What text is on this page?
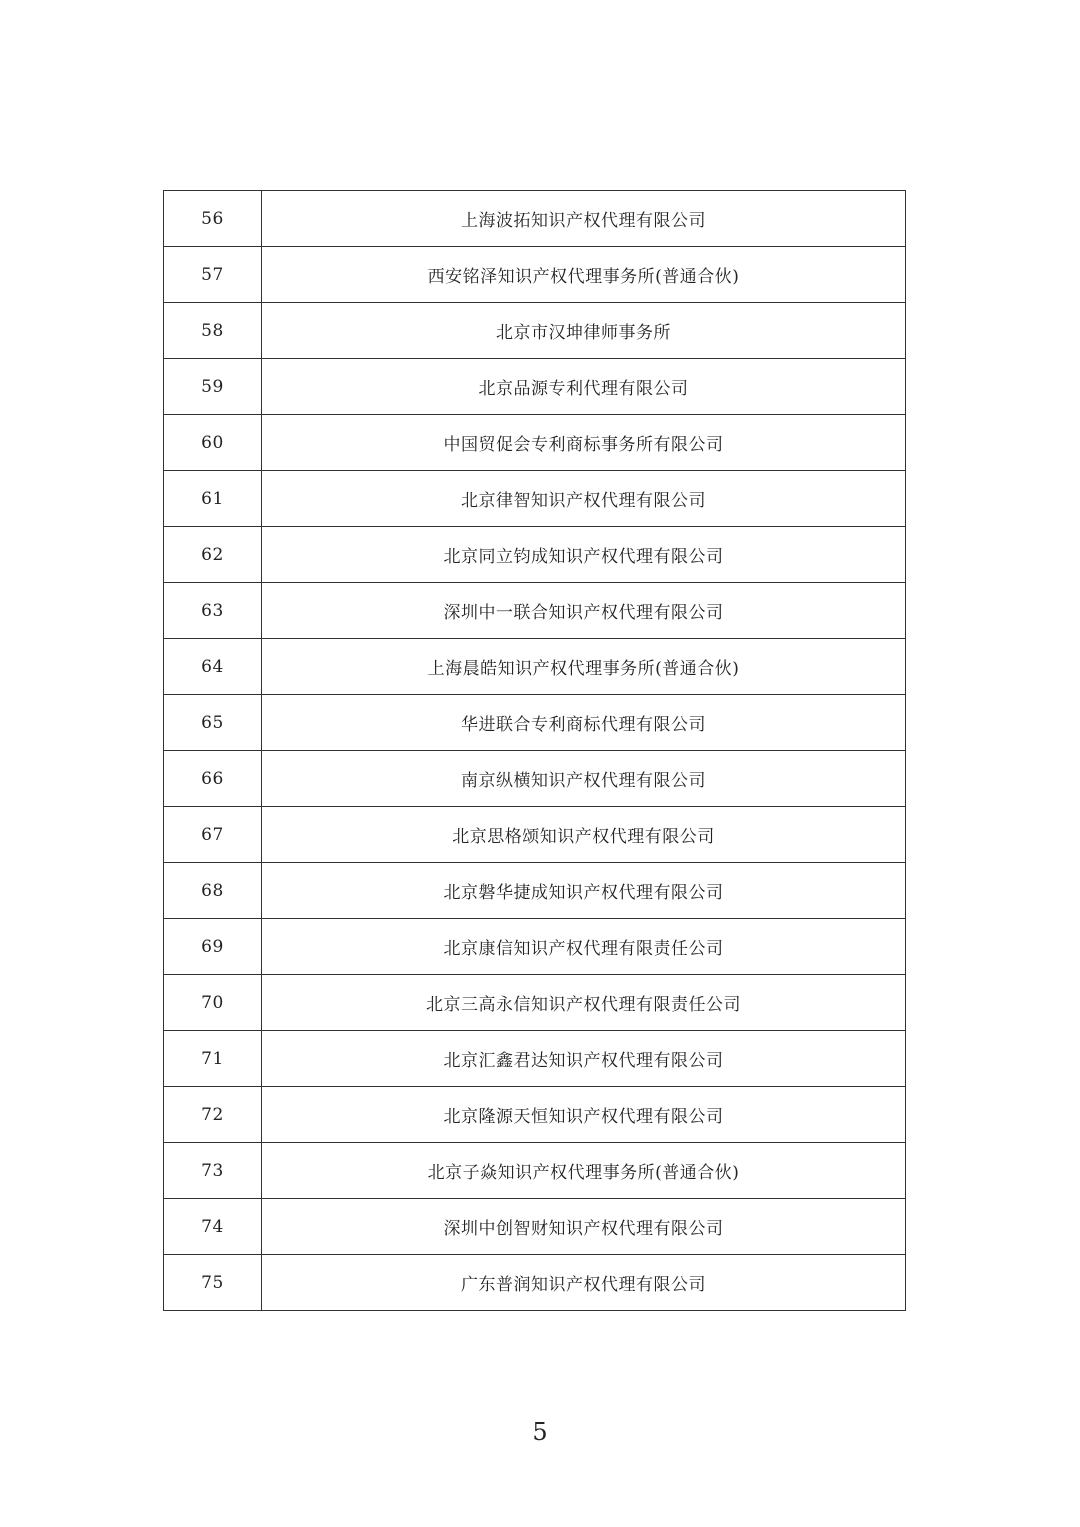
56	上海波拓知识产权代理有限公司
57	西安铭泽知识产权代理事务所(普通合伙)
58	北京市汉坤律师事务所
59	北京品源专利代理有限公司
60	中国贸促会专利商标事务所有限公司
61	北京律智知识产权代理有限公司
62	北京同立钧成知识产权代理有限公司
63	深圳中一联合知识产权代理有限公司
64	上海晨皓知识产权代理事务所(普通合伙)
65	华进联合专利商标代理有限公司
66	南京纵横知识产权代理有限公司
67	北京思格颂知识产权代理有限公司
68	北京磐华捷成知识产权代理有限公司
69	北京康信知识产权代理有限责任公司
70	北京三高永信知识产权代理有限责任公司
71	北京汇鑫君达知识产权代理有限公司
72	北京隆源天恒知识产权代理有限公司
73	北京子焱知识产权代理事务所(普通合伙)
74	深圳中创智财知识产权代理有限公司
75	广东普润知识产权代理有限公司
5
